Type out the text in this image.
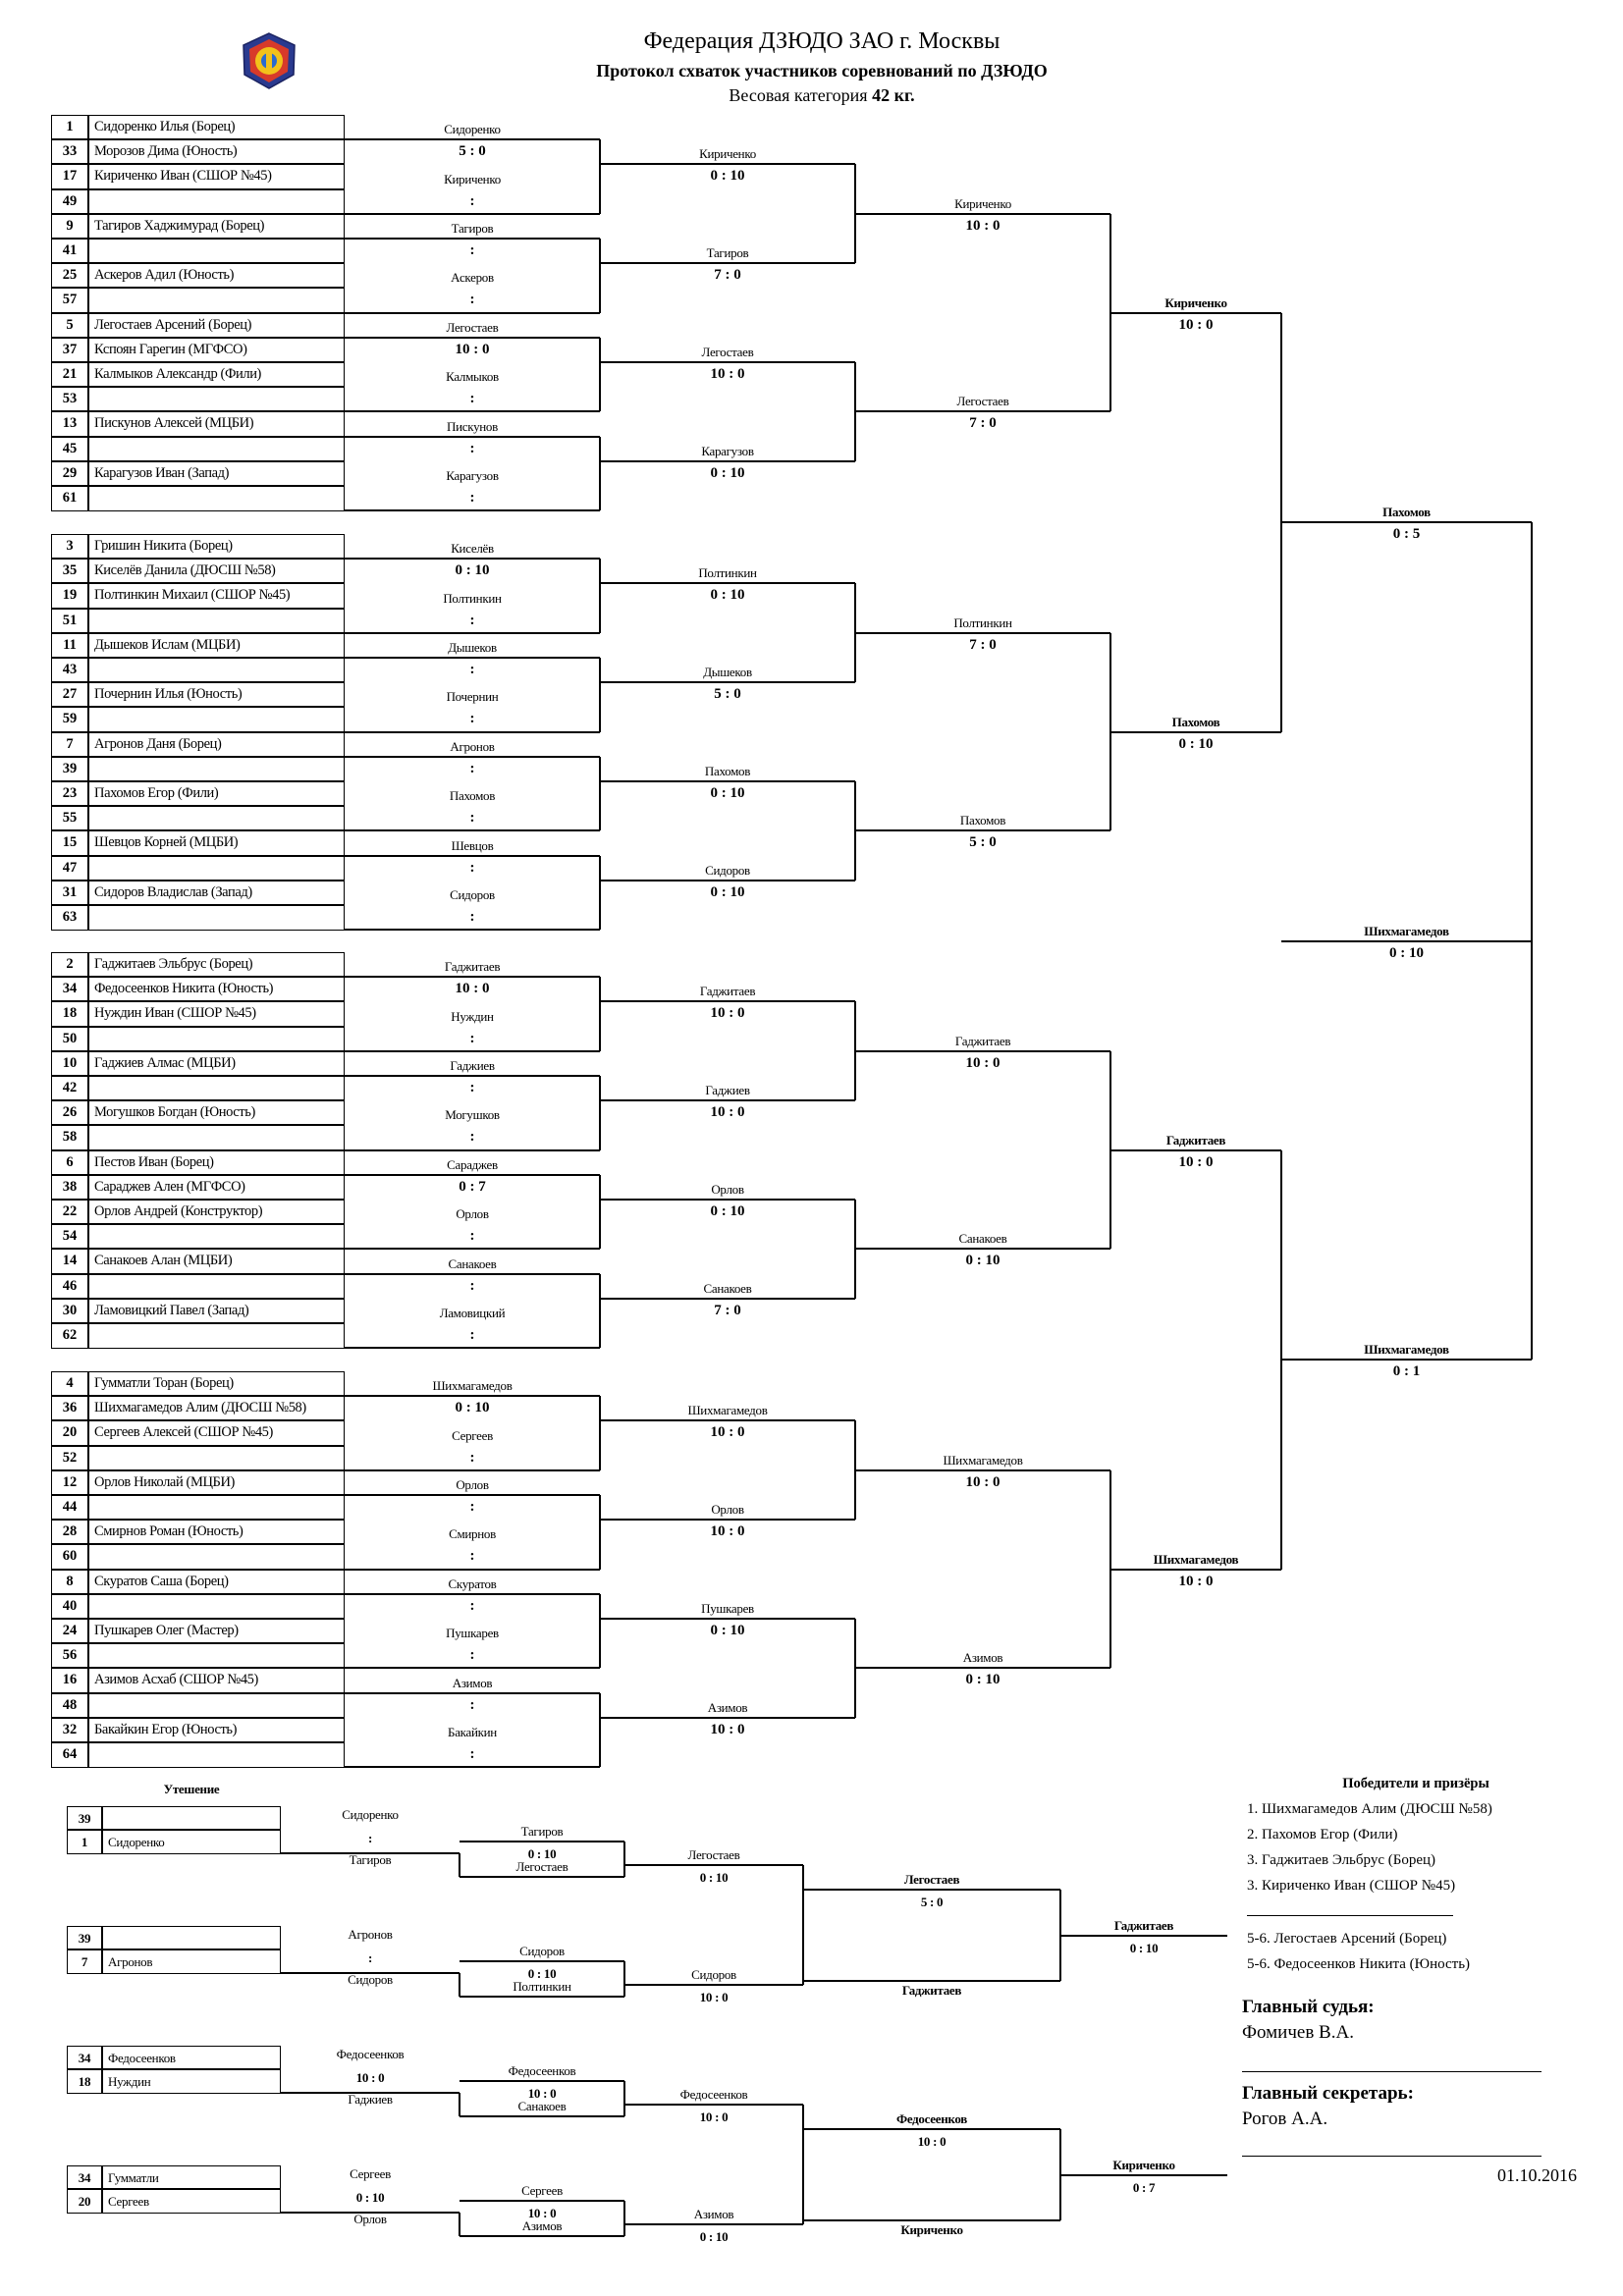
Федерация ДЗЮДО ЗАО г. Москвы
Протокол схваток участников соревнований по ДЗЮДО
Весовая категория 42 кг.
1	Сидоренко Илья (Борец)
33	Морозов Дима (Юность)
17	Кириченко Иван (СШОР №45)
49
9	Тагиров Хаджимурад (Борец)
41
25	Аскеров Адил (Юность)
57
5	Легостаев Арсений (Борец)
37	Кспоян Гарегин (МГФСО)
21	Калмыков Александр (Фили)
53
13	Пискунов Алексей (МЦБИ)
45
29	Карагузов Иван (Запад)
61
Сидоренко
5 : 0
Кириченко
:
Тагиров
:
Аскеров
:
Легостаев
10 : 0
Калмыков
:
Пискунов
:
Карагузов
:
Кириченко
0 : 10
Тагиров
7 : 0
Легостаев
10 : 0
Карагузов
0 : 10
Кириченко
10 : 0
Легостаев
7 : 0
Кириченко
10 : 0
3	Гришин Никита (Борец)
35	Киселёв Данила (ДЮСШ №58)
19	Полтинкин Михаил (СШОР №45)
51
11	Дышеков Ислам (МЦБИ)
43
27	Почернин Илья (Юность)
59
7	Агронов Даня (Борец)
39
23	Пахомов Егор (Фили)
55
15	Шевцов Корней (МЦБИ)
47
31	Сидоров Владислав (Запад)
63
Киселёв
0 : 10
Полтинкин
:
Дышеков
:
Почернин
:
Агронов
:
Пахомов
:
Шевцов
:
Сидоров
:
Полтинкин
0 : 10
Дышеков
5 : 0
Пахомов
0 : 10
Сидоров
0 : 10
Полтинкин
7 : 0
Пахомов
5 : 0
Пахомов
0 : 10
2	Гаджитаев Эльбрус (Борец)
34	Федосеенков Никита (Юность)
18	Нуждин Иван (СШОР №45)
50
10	Гаджиев Алмас (МЦБИ)
42
26	Могушков Богдан (Юность)
58
6	Пестов Иван (Борец)
38	Сараджев Ален (МГФСО)
22	Орлов Андрей (Конструктор)
54
14	Санакоев Алан (МЦБИ)
46
30	Ламовицкий Павел (Запад)
62
Гаджитаев
10 : 0
Нуждин
:
Гаджиев
:
Могушков
:
Сараджев
0 : 7
Орлов
:
Санакоев
:
Ламовицкий
:
Гаджитаев
10 : 0
Гаджиев
10 : 0
Орлов
0 : 10
Санакоев
7 : 0
Гаджитаев
10 : 0
Санакоев
0 : 10
Гаджитаев
10 : 0
4	Гумматли Торан (Борец)
36	Шихмагамедов Алим (ДЮСШ №58)
20	Сергеев Алексей (СШОР №45)
52
12	Орлов Николай (МЦБИ)
44
28	Смирнов Роман (Юность)
60
8	Скуратов Саша (Борец)
40
24	Пушкарев Олег (Мастер)
56
16	Азимов Асхаб (СШОР №45)
48
32	Бакайкин Егор (Юность)
64
Шихмагамедов
0 : 10
Сергеев
:
Орлов
:
Смирнов
:
Скуратов
:
Пушкарев
:
Азимов
:
Бакайкин
:
Шихмагамедов
10 : 0
Орлов
10 : 0
Пушкарев
0 : 10
Азимов
10 : 0
Шихмагамедов
10 : 0
Азимов
0 : 10
Шихмагамедов
10 : 0
Пахомов
0 : 5
Шихмагамедов
0 : 1
Шихмагамедов
0 : 10
Утешение
39
1	Сидоренко
Сидоренко
:
Тагиров
Тагиров
0 : 10
Легостаев
Легостаев
0 : 10
39
7	Агронов
Агронов
:
Сидоров
Сидоров
0 : 10
Полтинкин
Сидоров
10 : 0
34	Федосеенков
18	Нуждин
Федосеенков
10 : 0
Гаджиев
Федосеенков
10 : 0
Санакоев
Федосеенков
10 : 0
34	Гумматли
20	Сергеев
Сергеев
0 : 10
Орлов
Сергеев
10 : 0
Азимов
Азимов
0 : 10
Легостаев
5 : 0
Гаджитаев
Гаджитаев
0 : 10
Федосеенков
10 : 0
Кириченко
Кириченко
0 : 7
Победители и призёры
1. Шихмагамедов Алим (ДЮСШ №58)
2. Пахомов Егор (Фили)
3. Гаджитаев Эльбрус (Борец)
3. Кириченко Иван (СШОР №45)
5-6. Легостаев Арсений (Борец)
5-6. Федосеенков Никита (Юность)
Главный судья:
Фомичев В.А.
Главный секретарь:
Рогов А.А.
01.10.2016
